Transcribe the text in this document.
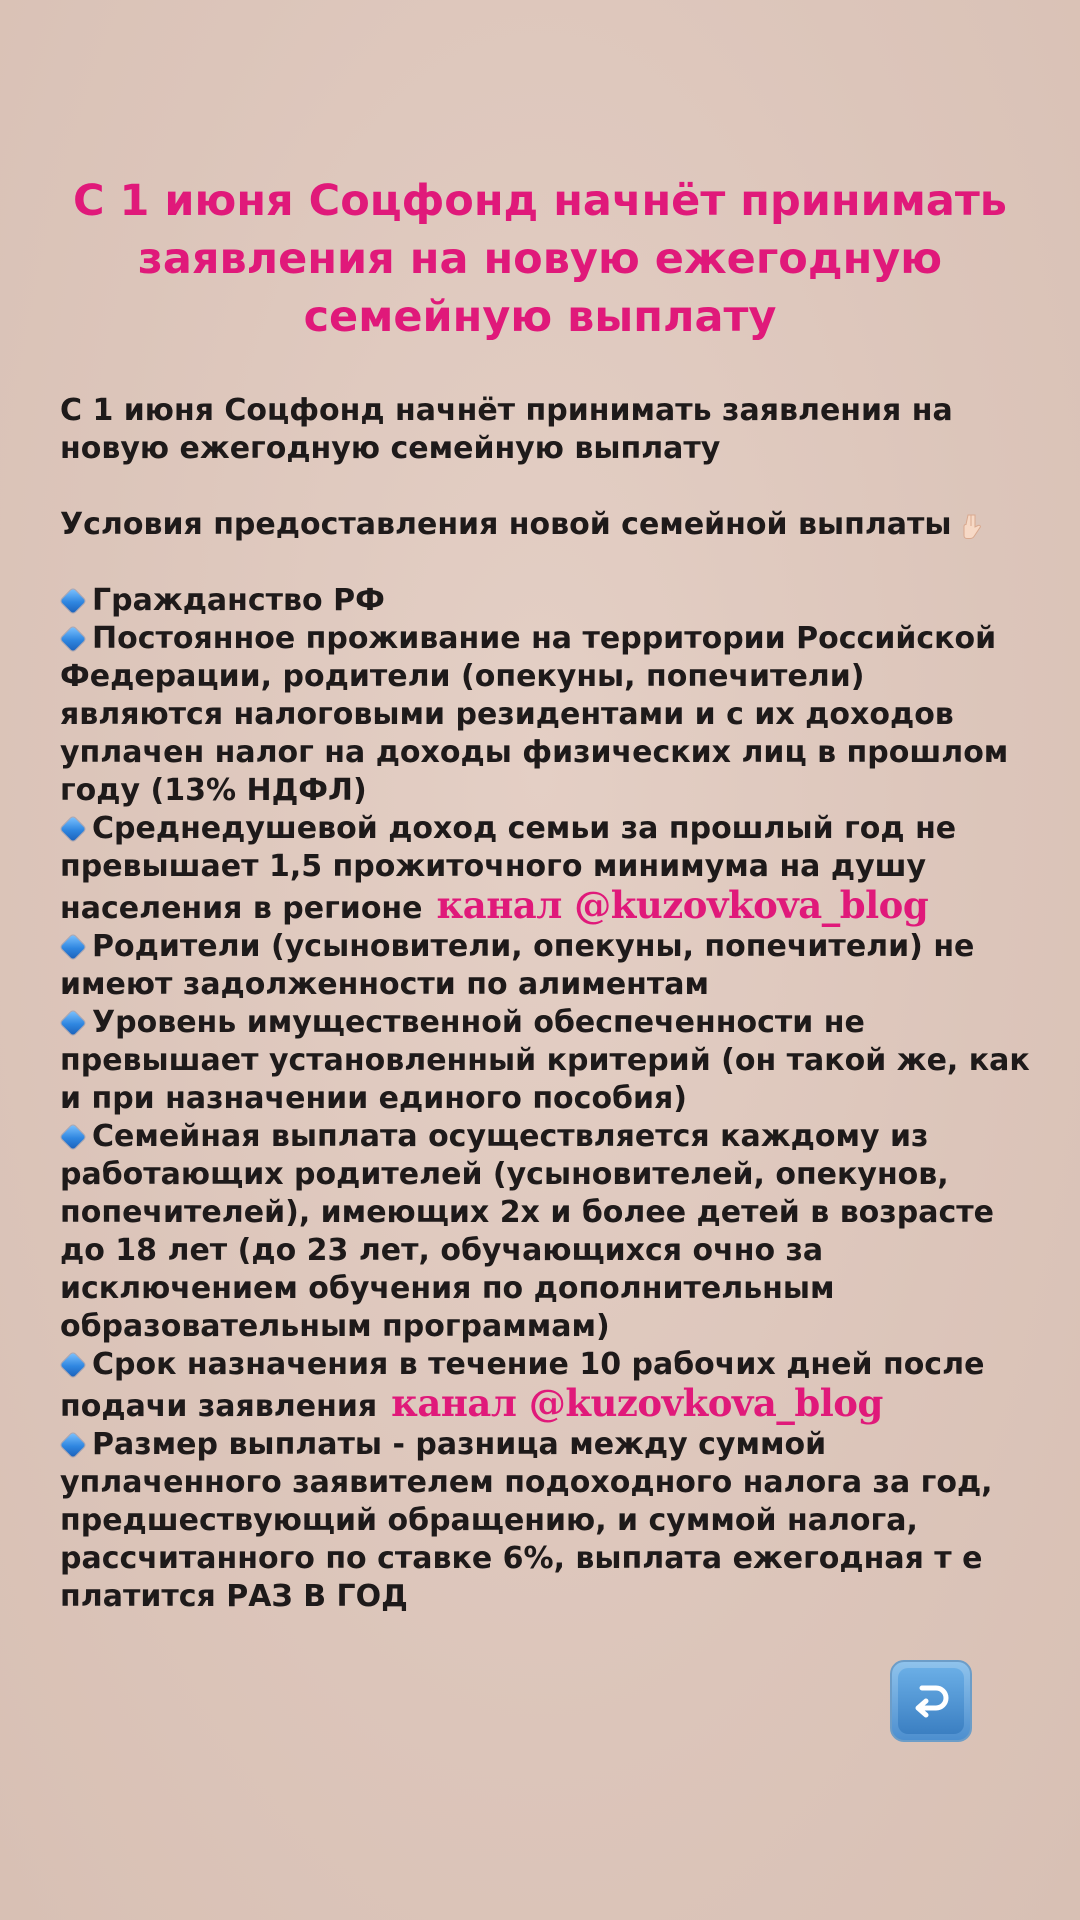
С 1 июня Соцфонд начнёт принимать заявления на новую ежегодную семейную выплату

С 1 июня Соцфонд начнёт принимать заявления на новую ежегодную семейную выплату

Условия предоставления новой семейной выплаты

Гражданство РФ

Постоянное проживание на территории Российской Федерации, родители (опекуны, попечители) являются налоговыми резидентами и с их доходов уплачен налог на доходы физических лиц в прошлом году (13% НДФЛ)

Среднедушевой доход семьи за прошлый год не превышает 1,5 прожиточного минимума на душу населения в регионе канал @kuzovkova_blog

Родители (усыновители, опекуны, попечители) не имеют задолженности по алиментам

Уровень имущественной обеспеченности не превышает установленный критерий (он такой же, как и при назначении единого пособия)

Семейная выплата осуществляется каждому из работающих родителей (усыновителей, опекунов, попечителей), имеющих 2х и более детей в возрасте до 18 лет (до 23 лет, обучающихся очно за исключением обучения по дополнительным образовательным программам)

Срок назначения в течение 10 рабочих дней после подачи заявления канал @kuzovkova_blog

Размер выплаты - разница между суммой уплаченного заявителем подоходного налога за год, предшествующий обращению, и суммой налога, рассчитанного по ставке 6%, выплата ежегодная т е платится РАЗ В ГОД
